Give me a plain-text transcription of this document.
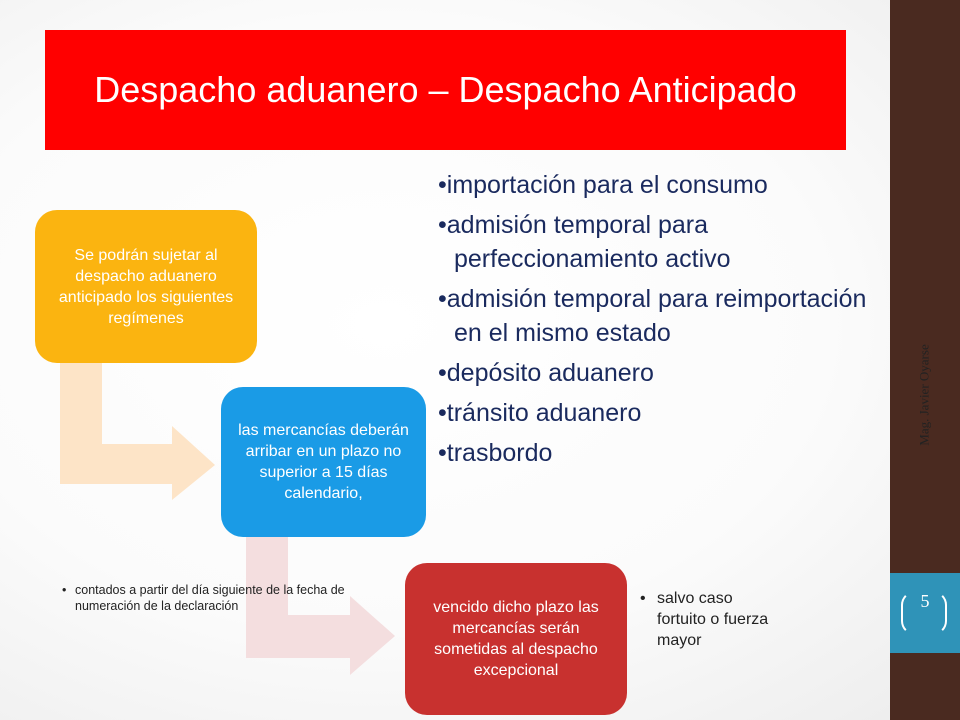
Despacho aduanero – Despacho Anticipado
• importación para el consumo
• admisión temporal para perfeccionamiento activo
• admisión temporal para reimportación en el mismo estado
• depósito aduanero
• tránsito aduanero
• trasbordo
Se podrán sujetar al despacho aduanero anticipado los siguientes regímenes
las mercancías deberán arribar en un plazo no superior a 15 días calendario,
vencido dicho plazo las mercancías serán sometidas al despacho excepcional
• contados a partir del día siguiente de la fecha de numeración de la declaración	• salvo caso fortuito o fuerza mayor
Mag. Javier Oyarse
5
